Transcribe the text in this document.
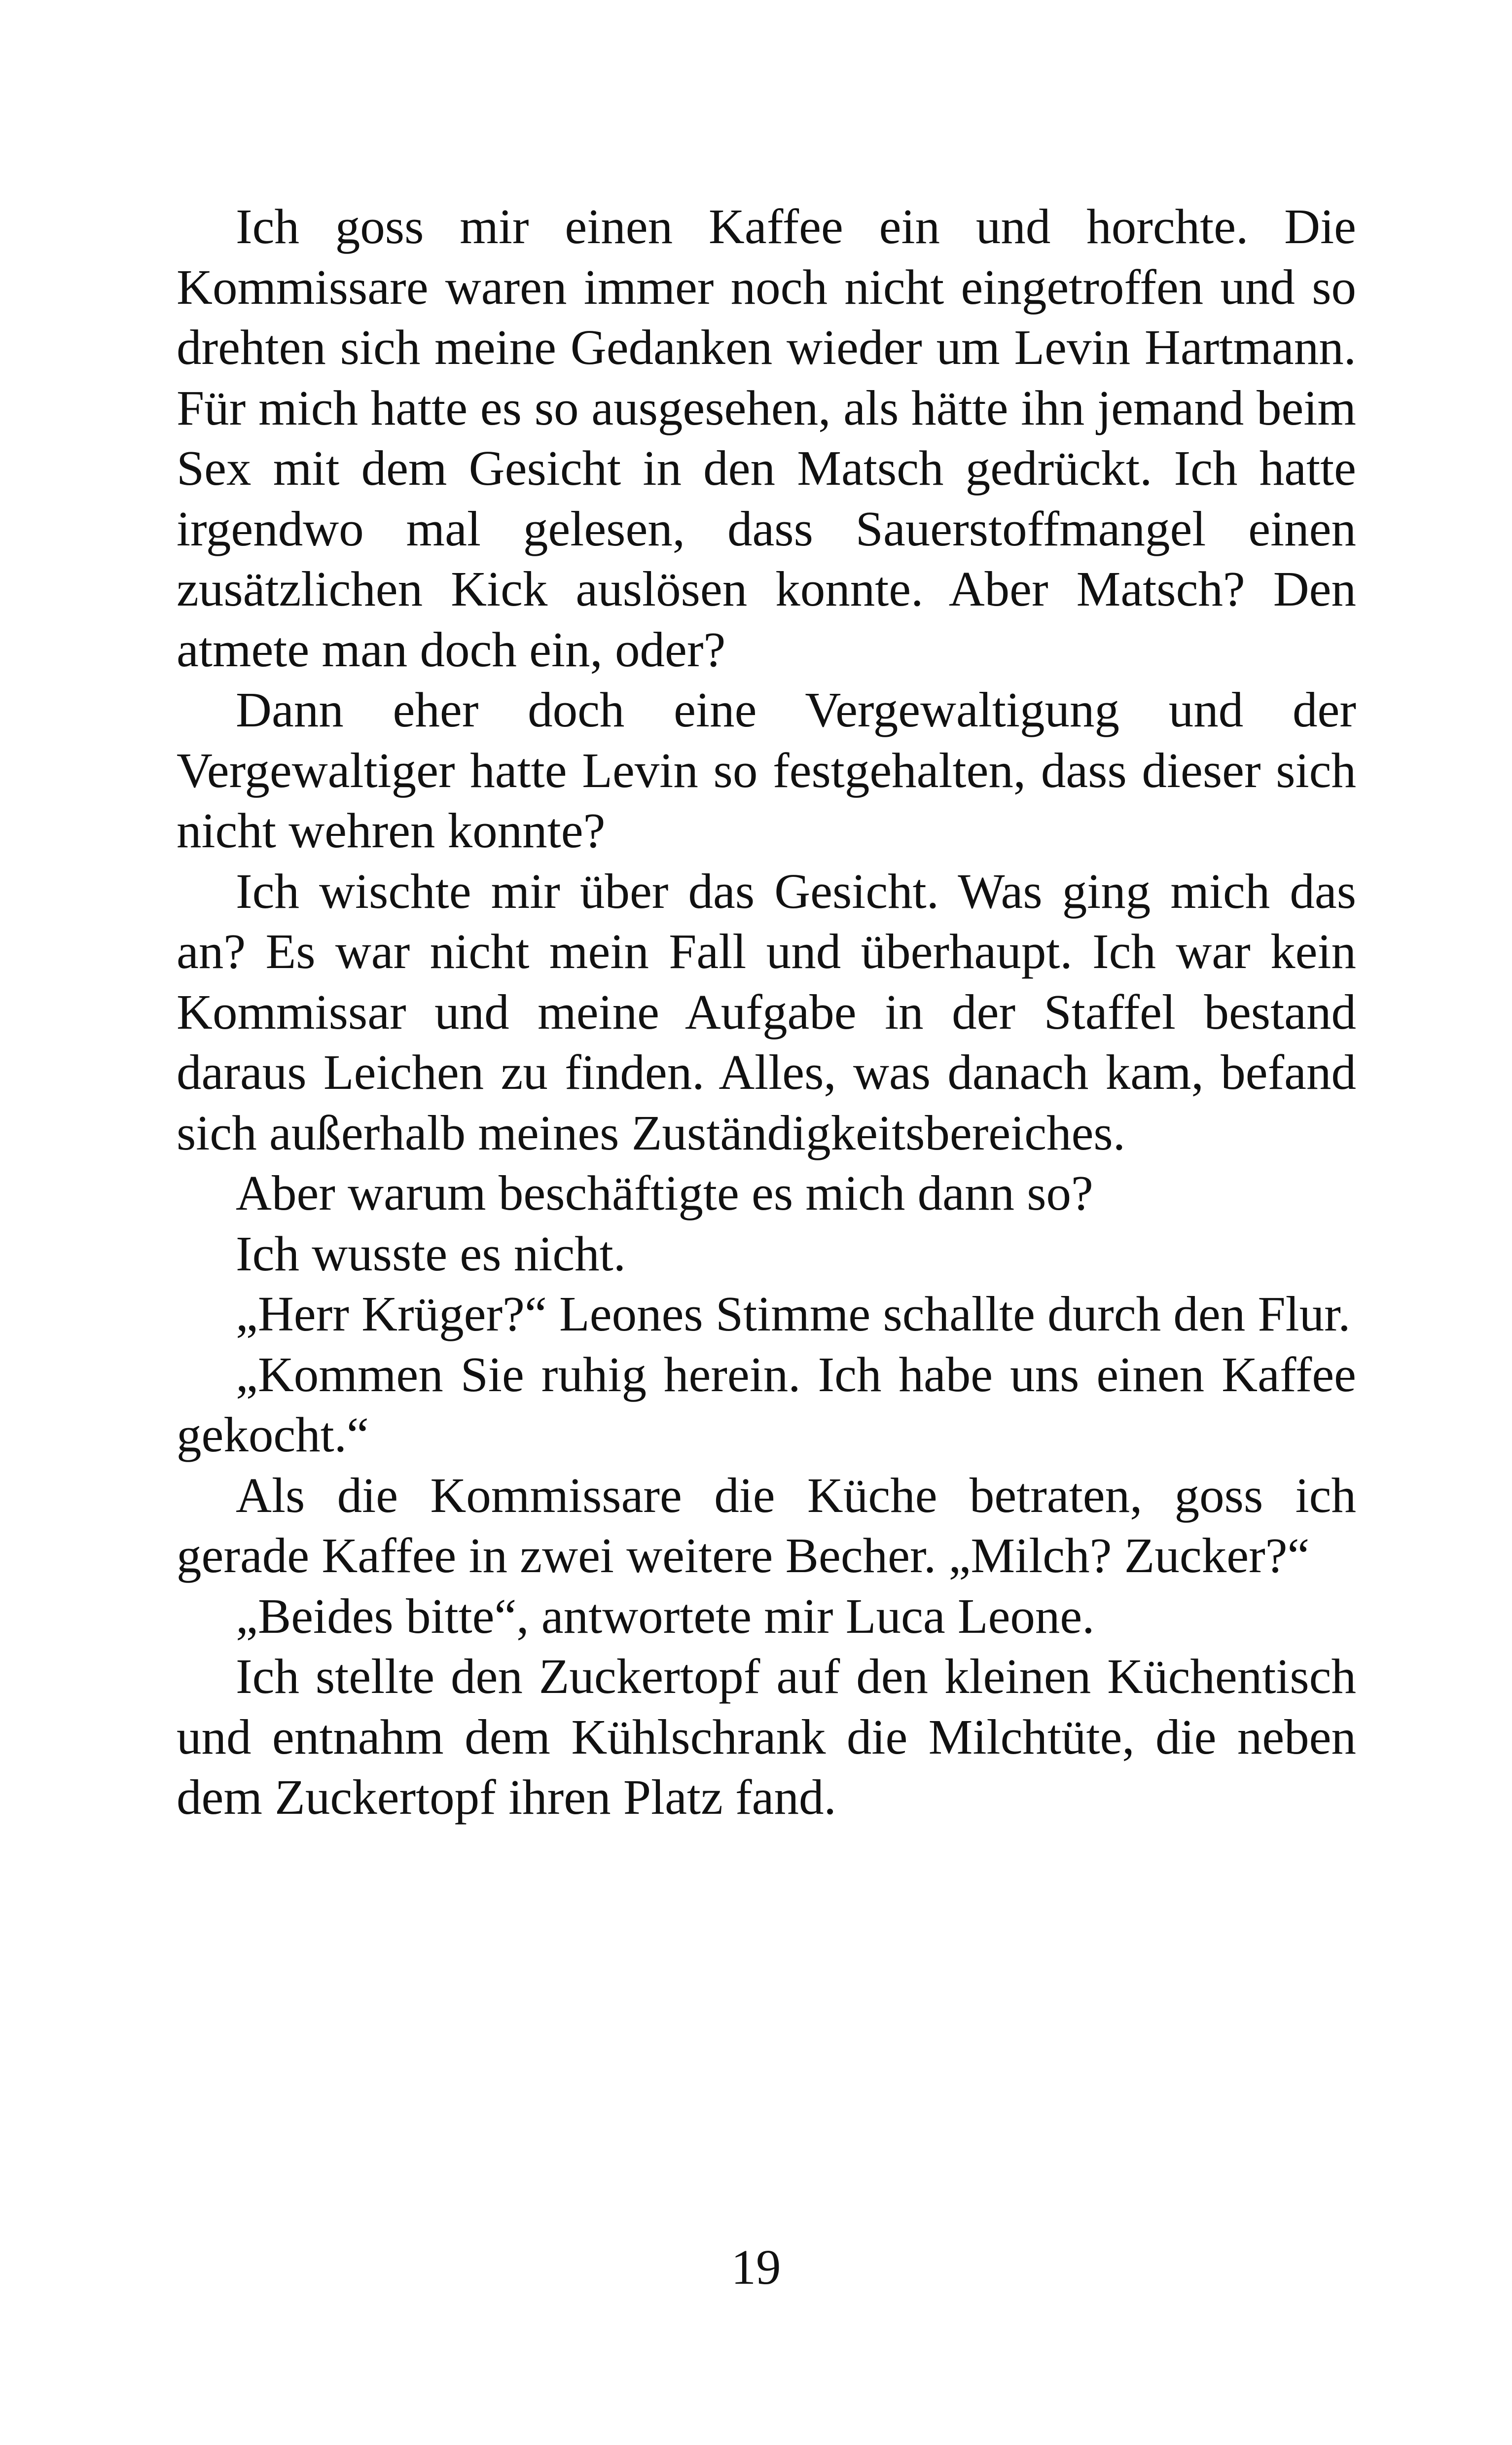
Ich goss mir einen Kaffee ein und horchte. Die Kommissare waren immer noch nicht eingetroffen und so drehten sich meine Gedanken wieder um Levin Hartmann. Für mich hatte es so ausgesehen, als hätte ihn jemand beim Sex mit dem Gesicht in den Matsch gedrückt. Ich hatte irgendwo mal gelesen, dass Sauerstoffmangel einen zusätzlichen Kick auslösen konnte. Aber Matsch? Den atmete man doch ein, oder?

Dann eher doch eine Vergewaltigung und der Vergewaltiger hatte Levin so festgehalten, dass dieser sich nicht wehren konnte?

Ich wischte mir über das Gesicht. Was ging mich das an? Es war nicht mein Fall und überhaupt. Ich war kein Kommissar und meine Aufgabe in der Staffel bestand daraus Leichen zu finden. Alles, was danach kam, befand sich außerhalb meines Zuständigkeitsbereiches.

Aber warum beschäftigte es mich dann so?

Ich wusste es nicht.

„Herr Krüger?“ Leones Stimme schallte durch den Flur.

„Kommen Sie ruhig herein. Ich habe uns einen Kaffee gekocht.“

Als die Kommissare die Küche betraten, goss ich gerade Kaffee in zwei weitere Becher. „Milch? Zucker?“

„Beides bitte“, antwortete mir Luca Leone.

Ich stellte den Zuckertopf auf den kleinen Küchentisch und entnahm dem Kühlschrank die Milchtüte, die neben dem Zuckertopf ihren Platz fand.

19
